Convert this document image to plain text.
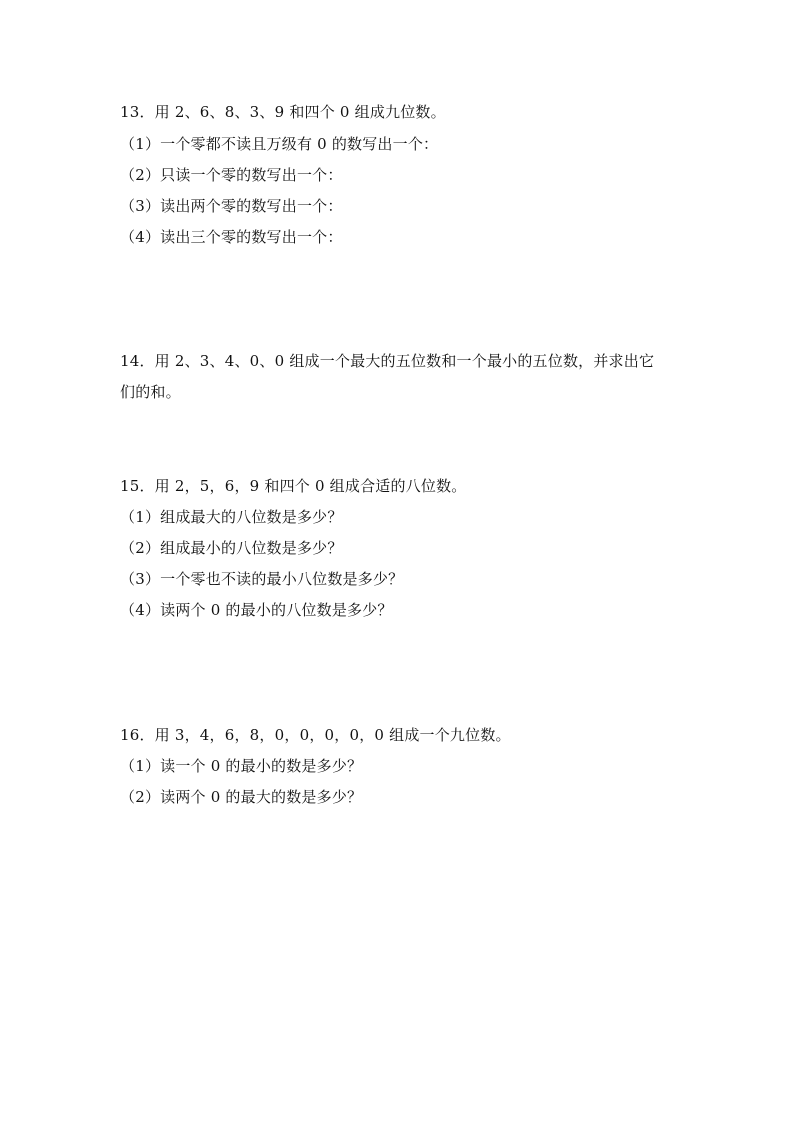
13．用 2、6、8、3、9 和四个 0 组成九位数。
（1）一个零都不读且万级有 0 的数写出一个：
（2）只读一个零的数写出一个：
（3）读出两个零的数写出一个：
（4）读出三个零的数写出一个：
14．用 2、3、4、0、0 组成一个最大的五位数和一个最小的五位数，并求出它
们的和。
15．用 2，5，6，9 和四个 0 组成合适的八位数。
（1）组成最大的八位数是多少？
（2）组成最小的八位数是多少？
（3）一个零也不读的最小八位数是多少？
（4）读两个 0 的最小的八位数是多少？
16．用 3，4，6，8，0，0，0，0，0 组成一个九位数。
（1）读一个 0 的最小的数是多少？
（2）读两个 0 的最大的数是多少？
